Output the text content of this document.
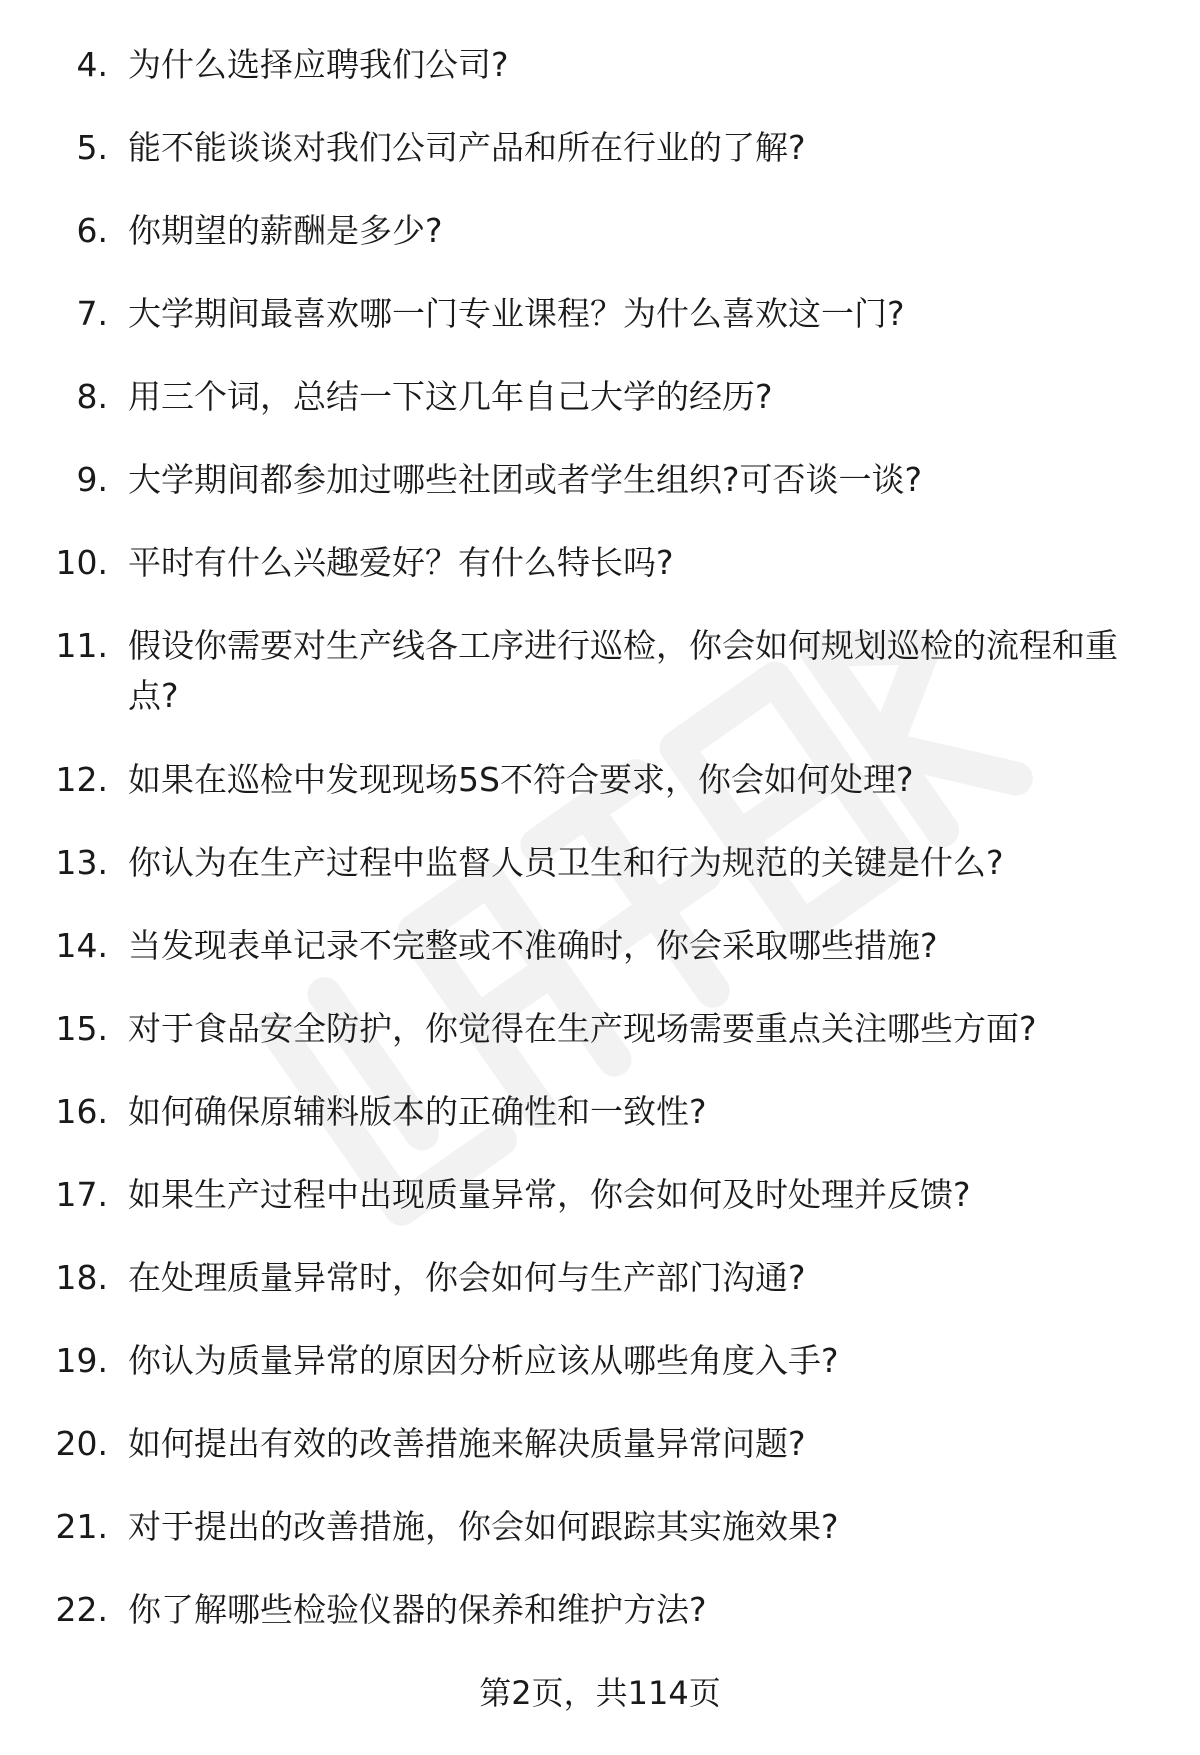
4. 为什么选择应聘我们公司?
5. 能不能谈谈对我们公司产品和所在行业的了解?
6. 你期望的薪酬是多少?
7. 大学期间最喜欢哪一门专业课程？为什么喜欢这一门?
8. 用三个词，总结一下这几年自己大学的经历?
9. 大学期间都参加过哪些社团或者学生组织?可否谈一谈?
10. 平时有什么兴趣爱好？有什么特长吗?
11. 假设你需要对生产线各工序进行巡检，你会如何规划巡检的流程和重点?
12. 如果在巡检中发现现场5S不符合要求，你会如何处理?
13. 你认为在生产过程中监督人员卫生和行为规范的关键是什么?
14. 当发现表单记录不完整或不准确时，你会采取哪些措施?
15. 对于食品安全防护，你觉得在生产现场需要重点关注哪些方面?
16. 如何确保原辅料版本的正确性和一致性?
17. 如果生产过程中出现质量异常，你会如何及时处理并反馈?
18. 在处理质量异常时，你会如何与生产部门沟通?
19. 你认为质量异常的原因分析应该从哪些角度入手?
20. 如何提出有效的改善措施来解决质量异常问题?
21. 对于提出的改善措施，你会如何跟踪其实施效果?
22. 你了解哪些检验仪器的保养和维护方法?
第2页，共114页
